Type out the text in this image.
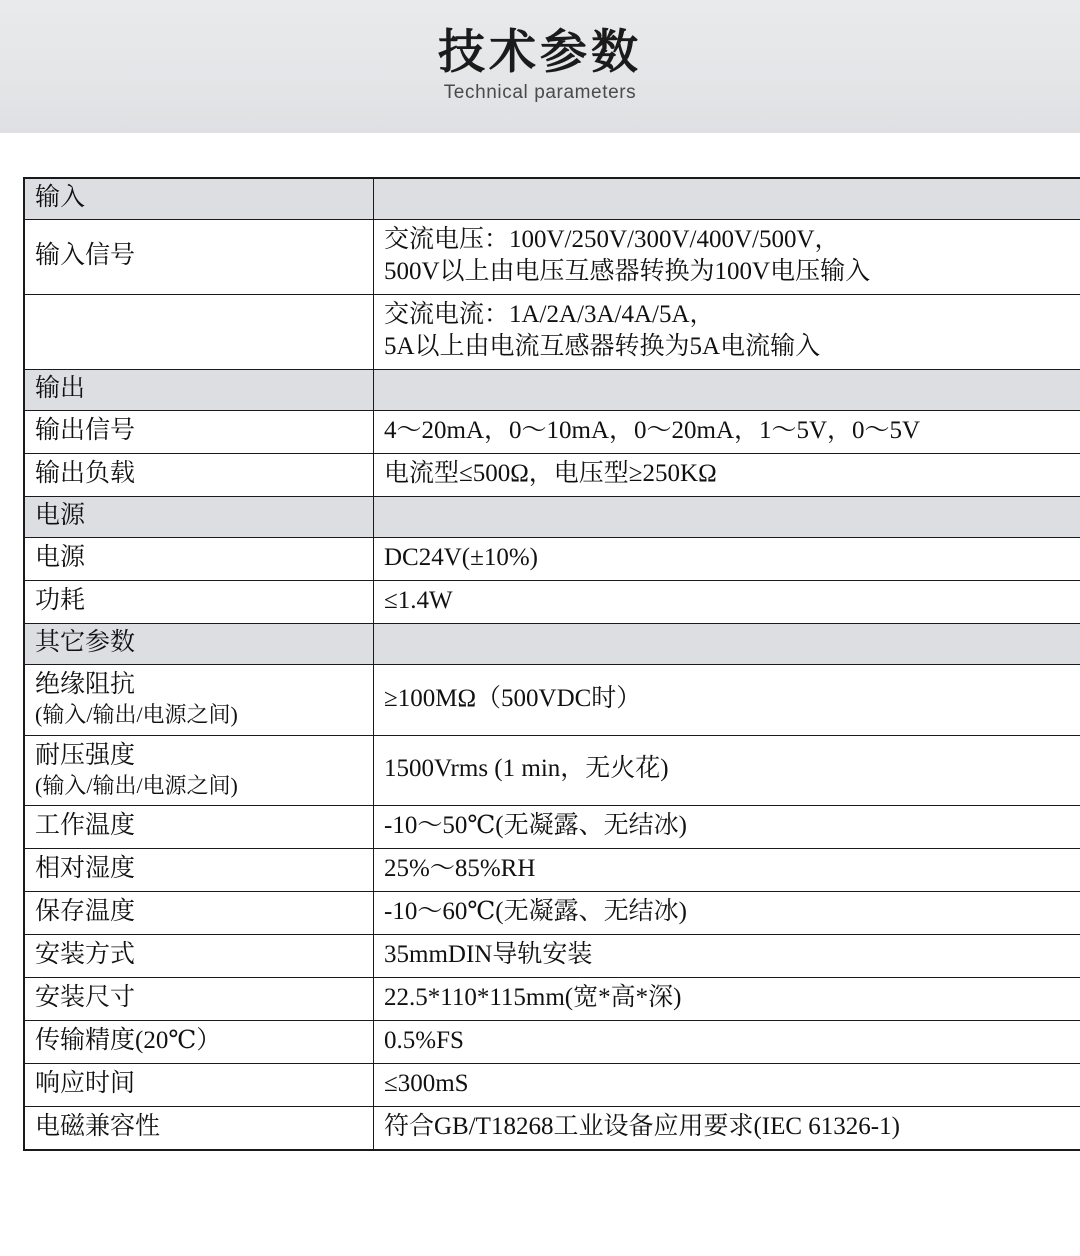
技术参数
Technical parameters
输入	

输入信号	交流电压：100V/250V/300V/400V/500V，
500V以上由电压互感器转换为100V电压输入

	交流电流：1A/2A/3A/4A/5A，
5A以上由电流互感器转换为5A电流输入

输出	

输出信号	4～20mA，0～10mA，0～20mA，1～5V，0～5V

输出负载	电流型≤500Ω，电压型≥250KΩ

电源	

电源	DC24V(±10%)

功耗	≤1.4W

其它参数	

绝缘阻抗
(输入/输出/电源之间)	≥100MΩ（500VDC时）

耐压强度
(输入/输出/电源之间)	1500Vrms (1 min，无火花)

工作温度	-10～50℃(无凝露、无结冰)

相对湿度	25%～85%RH

保存温度	-10～60℃(无凝露、无结冰)

安装方式	35mmDIN导轨安装

安装尺寸	22.5*110*115mm(宽*高*深)

传输精度(20℃）	0.5%FS

响应时间	≤300mS

电磁兼容性	符合GB/T18268工业设备应用要求(IEC 61326-1)
